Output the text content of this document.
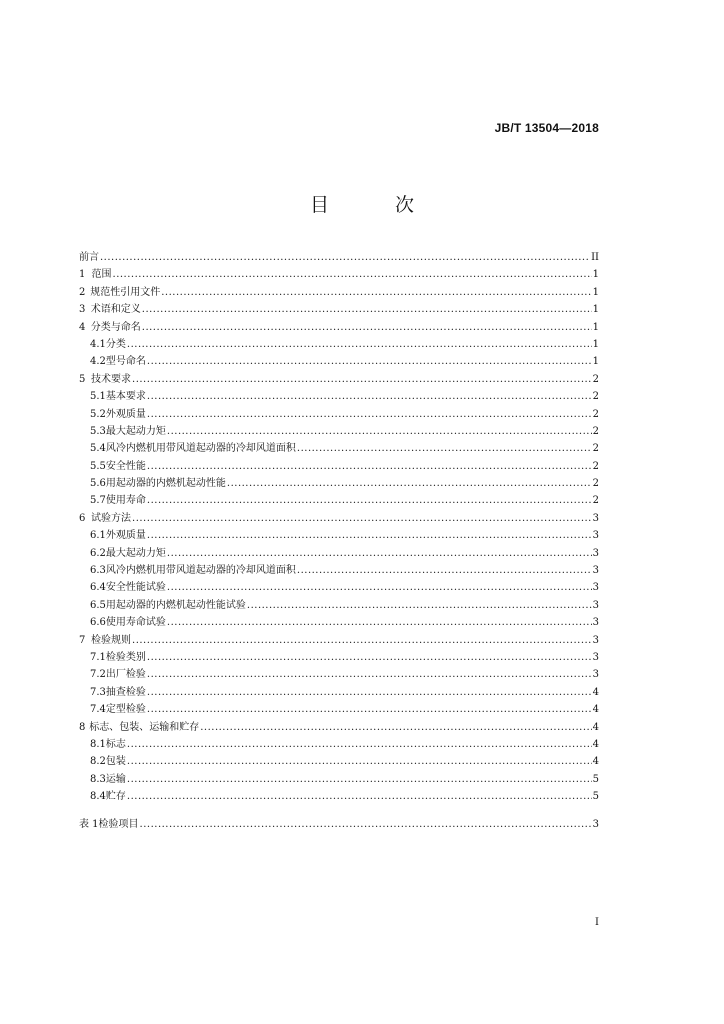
JB/T 13504—2018
目 次
前言 .....	II
1 范围 .....	1
2 规范性引用文件 .....	1
3 术语和定义 .....	1
4 分类与命名 .....	1
4.1 分类 .....	1
4.2 型号命名 .....	1
5 技术要求 .....	2
5.1 基本要求 .....	2
5.2 外观质量 .....	2
5.3 最大起动力矩 .....	2
5.4 风冷内燃机用带风道起动器的冷却风道面积 .....	2
5.5 安全性能 .....	2
5.6 用起动器的内燃机起动性能 .....	2
5.7 使用寿命 .....	2
6 试验方法 .....	3
6.1 外观质量 .....	3
6.2 最大起动力矩 .....	3
6.3 风冷内燃机用带风道起动器的冷却风道面积 .....	3
6.4 安全性能试验 .....	3
6.5 用起动器的内燃机起动性能试验 .....	3
6.6 使用寿命试验 .....	3
7 检验规则 .....	3
7.1 检验类别 .....	3
7.2 出厂检验 .....	3
7.3 抽查检验 .....	4
7.4 定型检验 .....	4
8 标志、包装、运输和贮存 .....	4
8.1 标志 .....	4
8.2 包装 .....	4
8.3 运输 .....	5
8.4 贮存 .....	5
表 1 检验项目 .....	3
I
